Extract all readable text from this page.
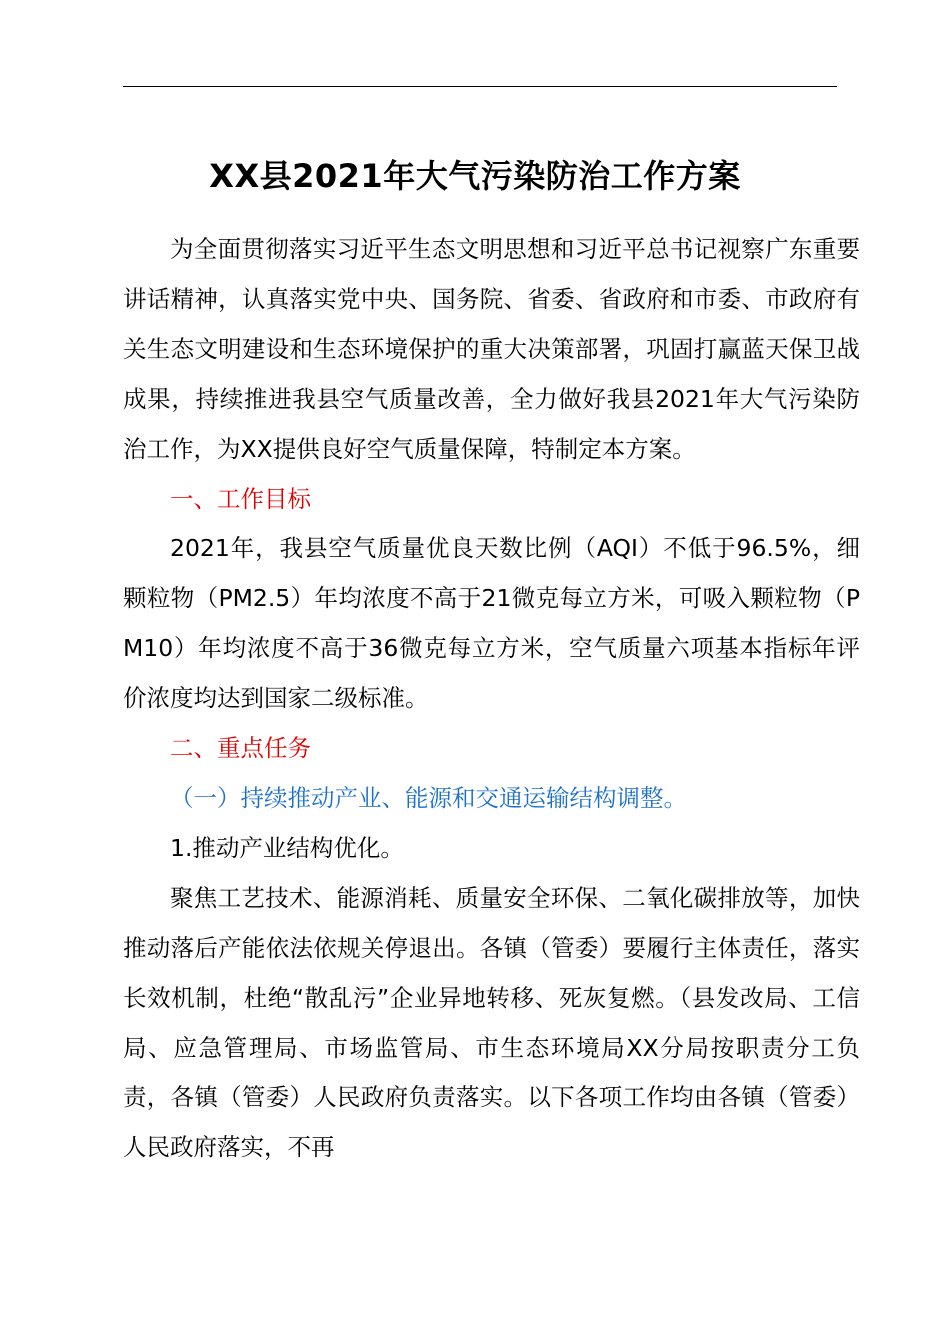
XX县2021年大气污染防治工作方案

为全面贯彻落实习近平生态文明思想和习近平总书记视察广东重要讲话精神，认真落实党中央、国务院、省委、省政府和市委、市政府有关生态文明建设和生态环境保护的重大决策部署，巩固打赢蓝天保卫战成果，持续推进我县空气质量改善，全力做好我县2021年大气污染防治工作，为XX提供良好空气质量保障，特制定本方案。

一、工作目标

2021年，我县空气质量优良天数比例（AQI）不低于96.5%，细颗粒物（PM2.5）年均浓度不高于21微克每立方米，可吸入颗粒物（PM10）年均浓度不高于36微克每立方米，空气质量六项基本指标年评价浓度均达到国家二级标准。

二、重点任务

（一）持续推动产业、能源和交通运输结构调整。

1.推动产业结构优化。

聚焦工艺技术、能源消耗、质量安全环保、二氧化碳排放等，加快推动落后产能依法依规关停退出。各镇（管委）要履行主体责任，落实长效机制，杜绝“散乱污”企业异地转移、死灰复燃。（县发改局、工信局、应急管理局、市场监管局、市生态环境局XX分局按职责分工负责，各镇（管委）人民政府负责落实。以下各项工作均由各镇（管委）人民政府落实，不再
